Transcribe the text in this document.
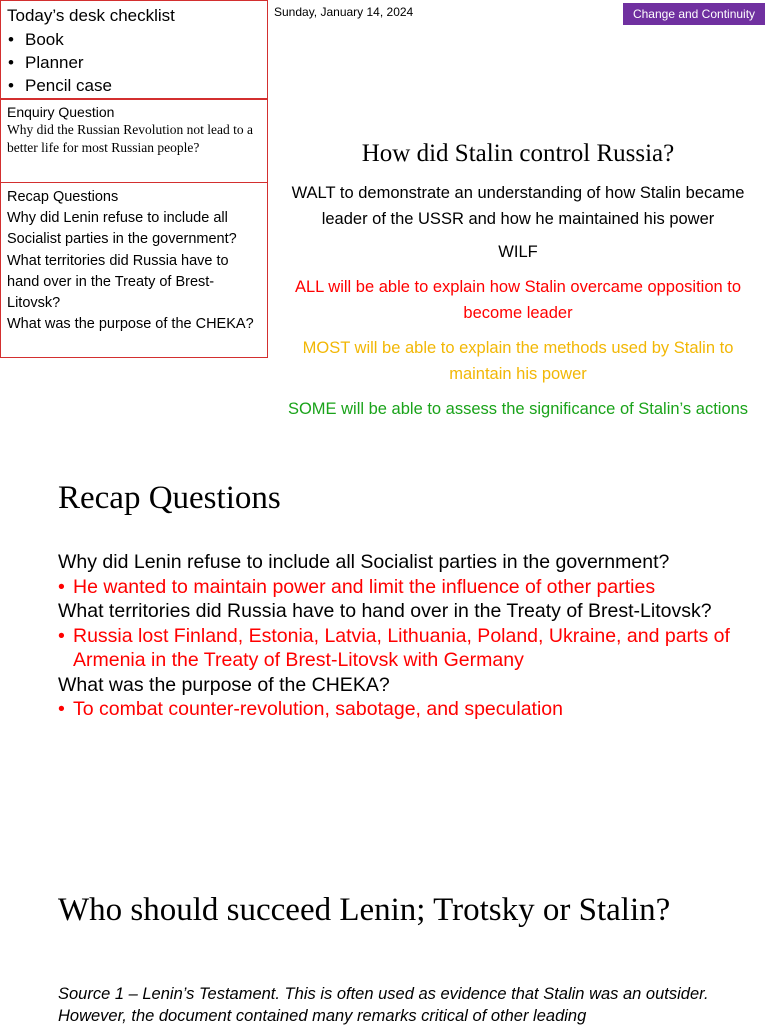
Today’s desk checklist
• Book
• Planner
• Pencil case
Enquiry Question
Why did the Russian Revolution not lead to a better life for most Russian people?
Recap Questions
Why did Lenin refuse to include all Socialist parties in the government?
What territories did Russia have to hand over in the Treaty of Brest-Litovsk?
What was the purpose of the CHEKA?
Sunday, January 14, 2024	Change and Continuity
How did Stalin control Russia?
WALT to demonstrate an understanding of how Stalin became leader of the USSR and how he maintained his power
WILF
ALL will be able to explain how Stalin overcame opposition to become leader
MOST will be able to explain the methods used by Stalin to maintain his power
SOME will be able to assess the significance of Stalin’s actions
Recap Questions
Why did Lenin refuse to include all Socialist parties in the government?
• He wanted to maintain power and limit the influence of other parties
What territories did Russia have to hand over in the Treaty of Brest-Litovsk?
• Russia lost Finland, Estonia, Latvia, Lithuania, Poland, Ukraine, and parts of Armenia in the Treaty of Brest-Litovsk with Germany
What was the purpose of the CHEKA?
• To combat counter-revolution, sabotage, and speculation
Who should succeed Lenin; Trotsky or Stalin?
Source 1 – Lenin’s Testament. This is often used as evidence that Stalin was an outsider. However, the document contained many remarks critical of other leading
